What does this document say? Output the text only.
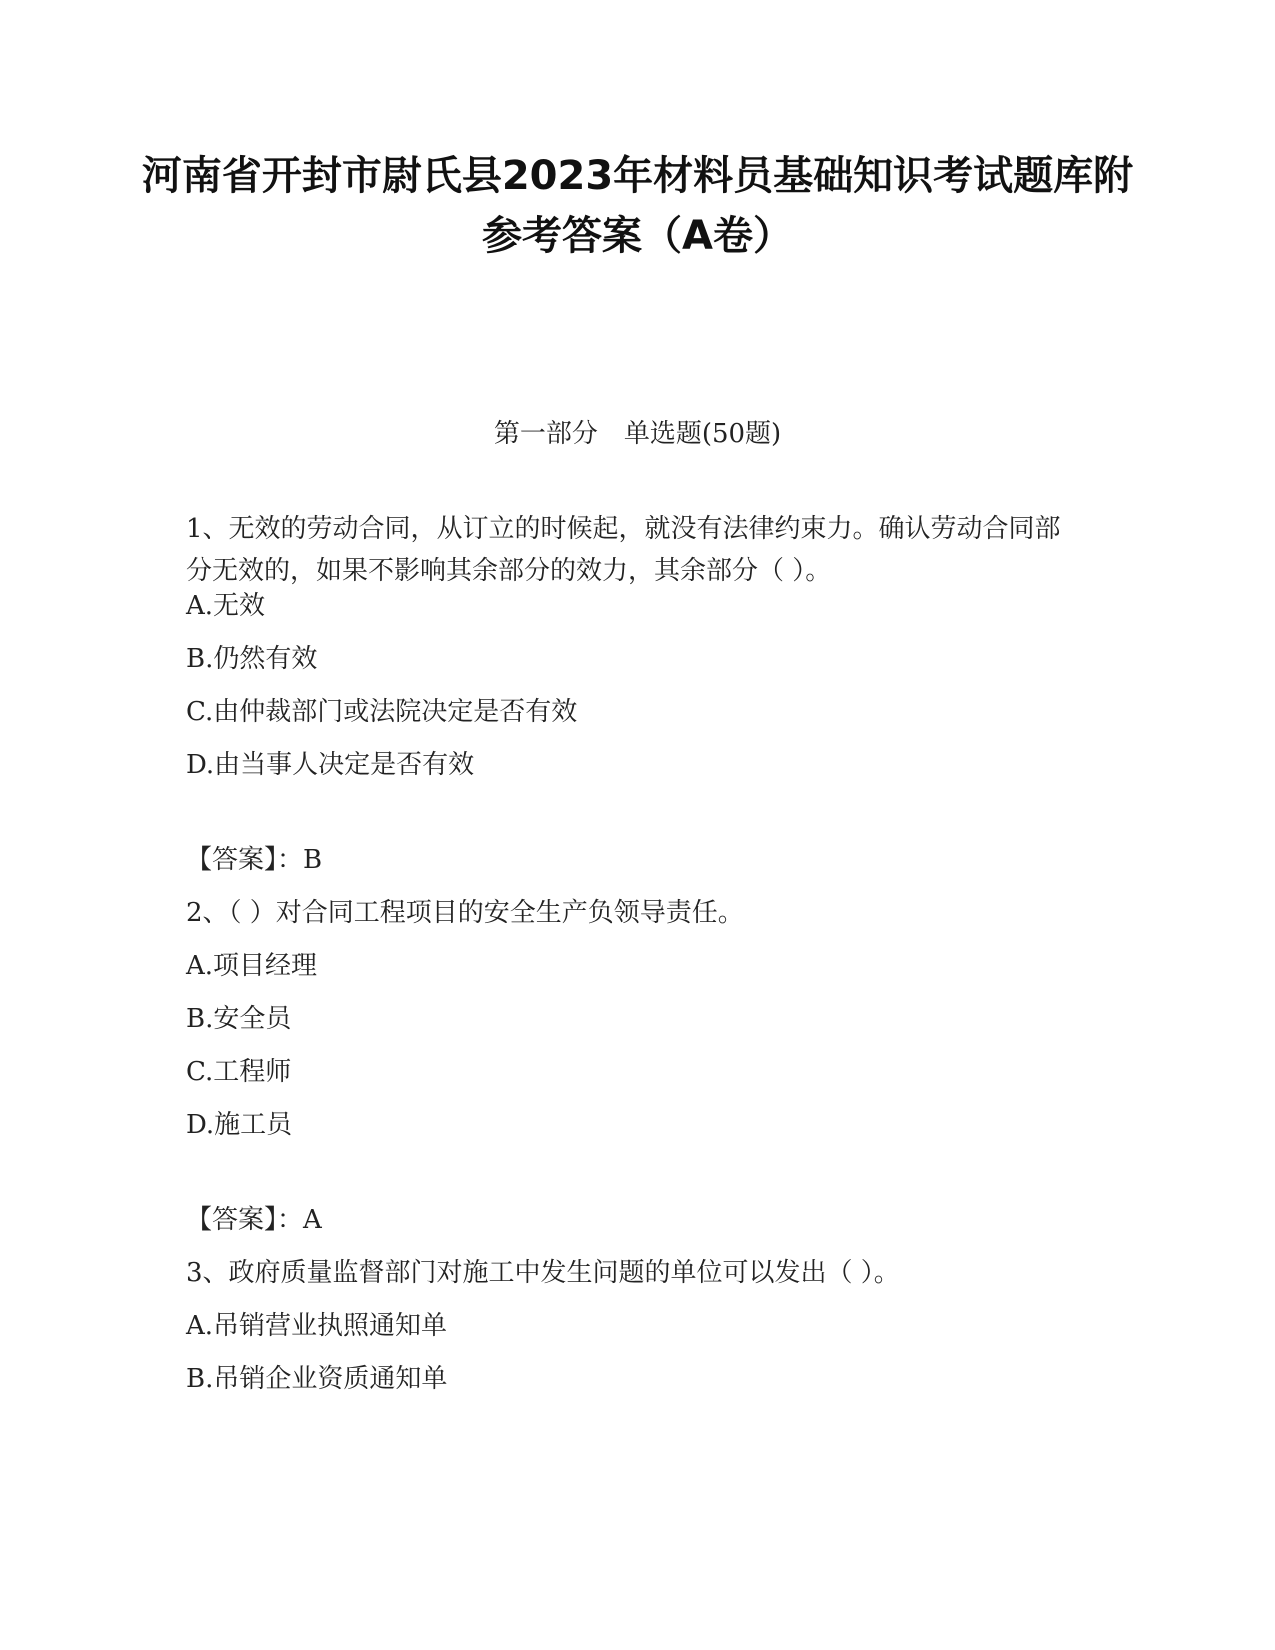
河南省开封市尉氏县2023年材料员基础知识考试题库附参考答案（A卷）
第一部分　单选题(50题)
1、无效的劳动合同，从订立的时候起，就没有法律约束力。确认劳动合同部分无效的，如果不影响其余部分的效力，其余部分（ ）。
A.无效
B.仍然有效
C.由仲裁部门或法院决定是否有效
D.由当事人决定是否有效
【答案】：B
2、（ ）对合同工程项目的安全生产负领导责任。
A.项目经理
B.安全员
C.工程师
D.施工员
【答案】：A
3、政府质量监督部门对施工中发生问题的单位可以发出（ ）。
A.吊销营业执照通知单
B.吊销企业资质通知单
